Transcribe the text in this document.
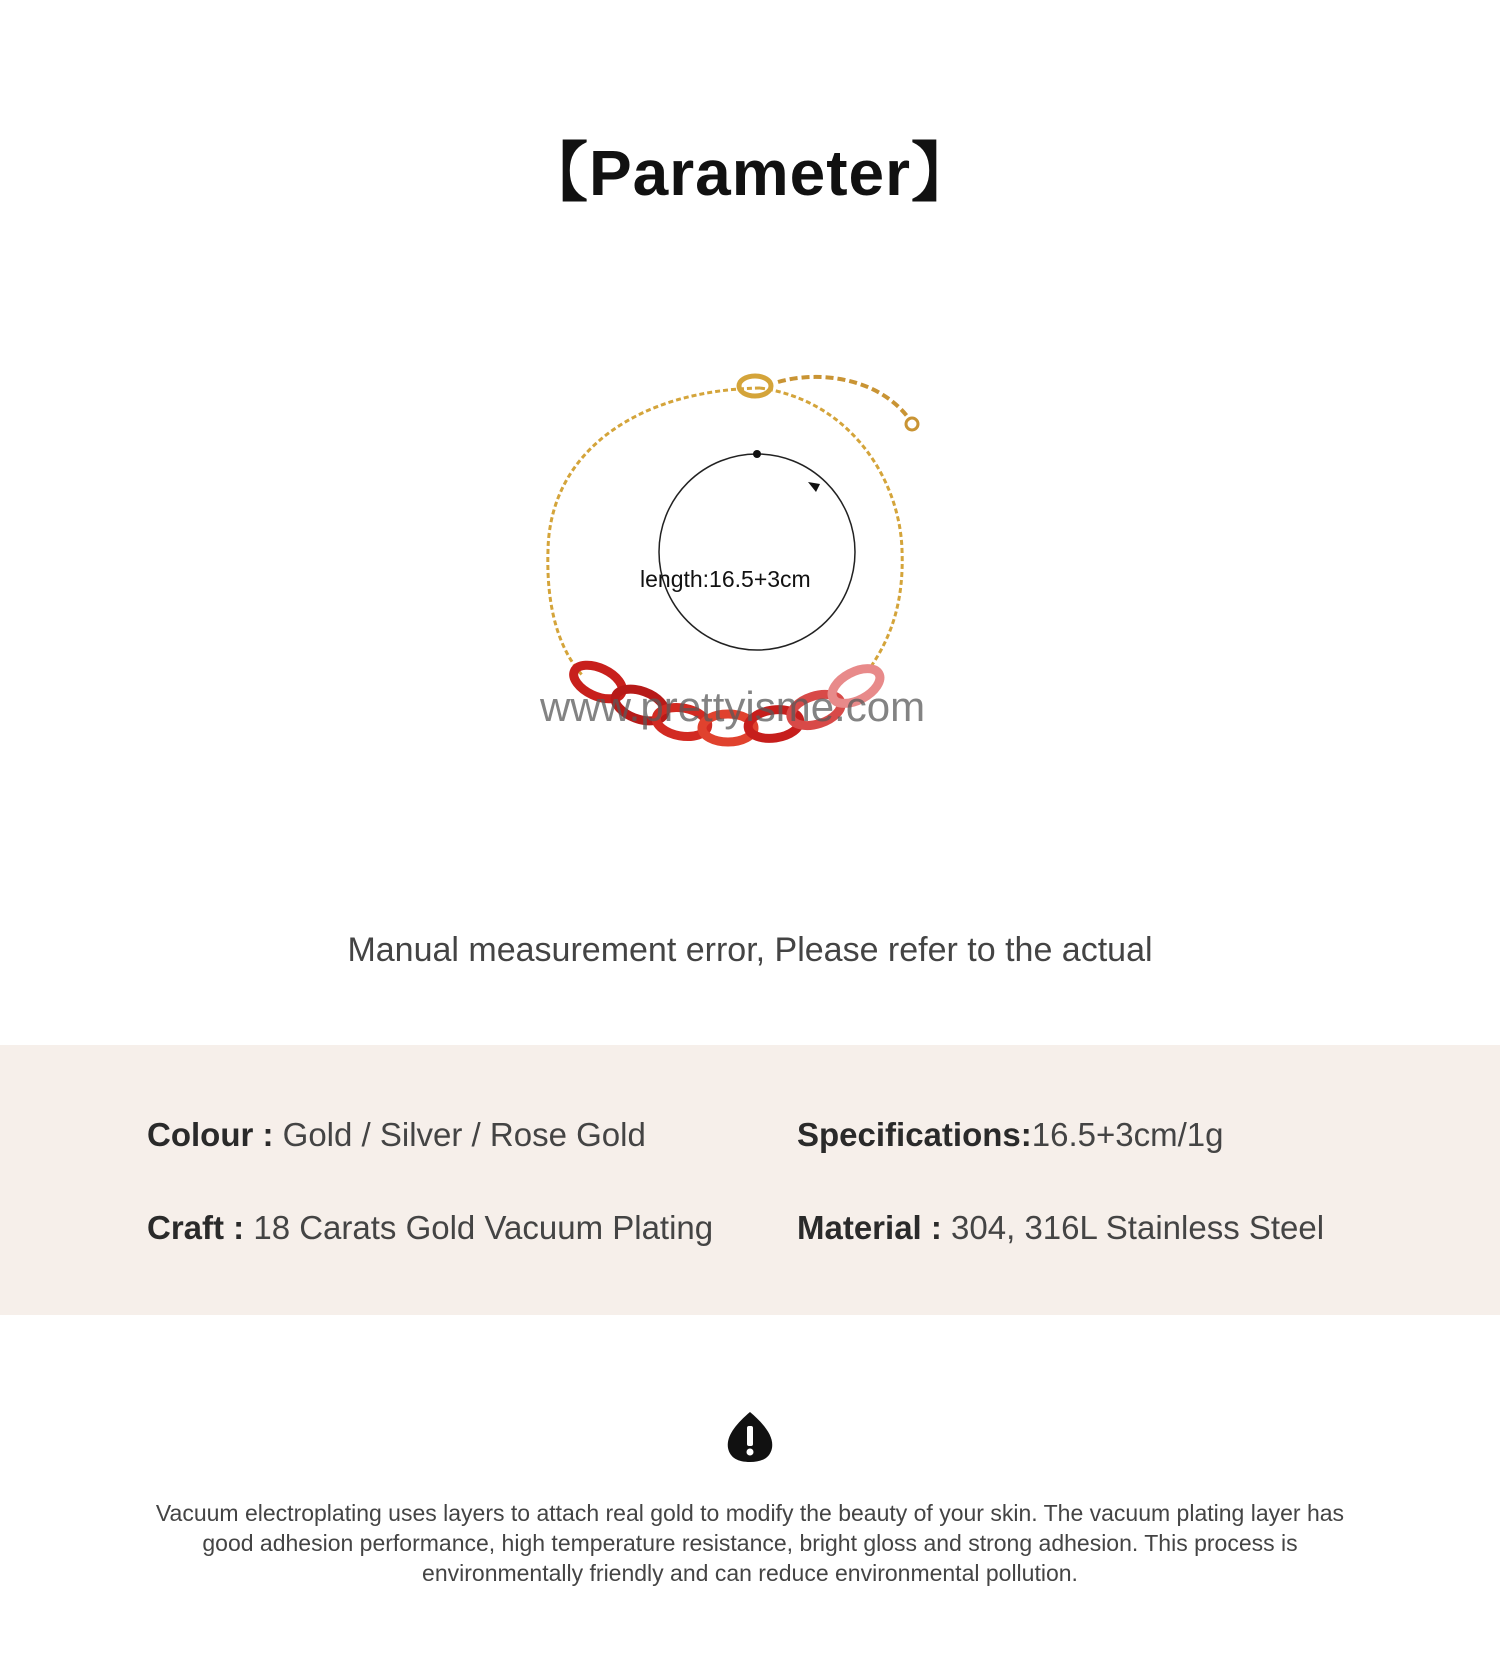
【Parameter】
length:16.5+3cm
www.prettyisme.com
Manual measurement error, Please refer to the actual
Colour : Gold / Silver / Rose Gold	Specifications:16.5+3cm/1g
Craft : 18 Carats Gold Vacuum Plating	Material : 304, 316L Stainless Steel
Vacuum electroplating uses layers to attach real gold to modify the beauty of your skin. The vacuum plating layer has good adhesion performance, high temperature resistance, bright gloss and strong adhesion. This process is environmentally friendly and can reduce environmental pollution.
